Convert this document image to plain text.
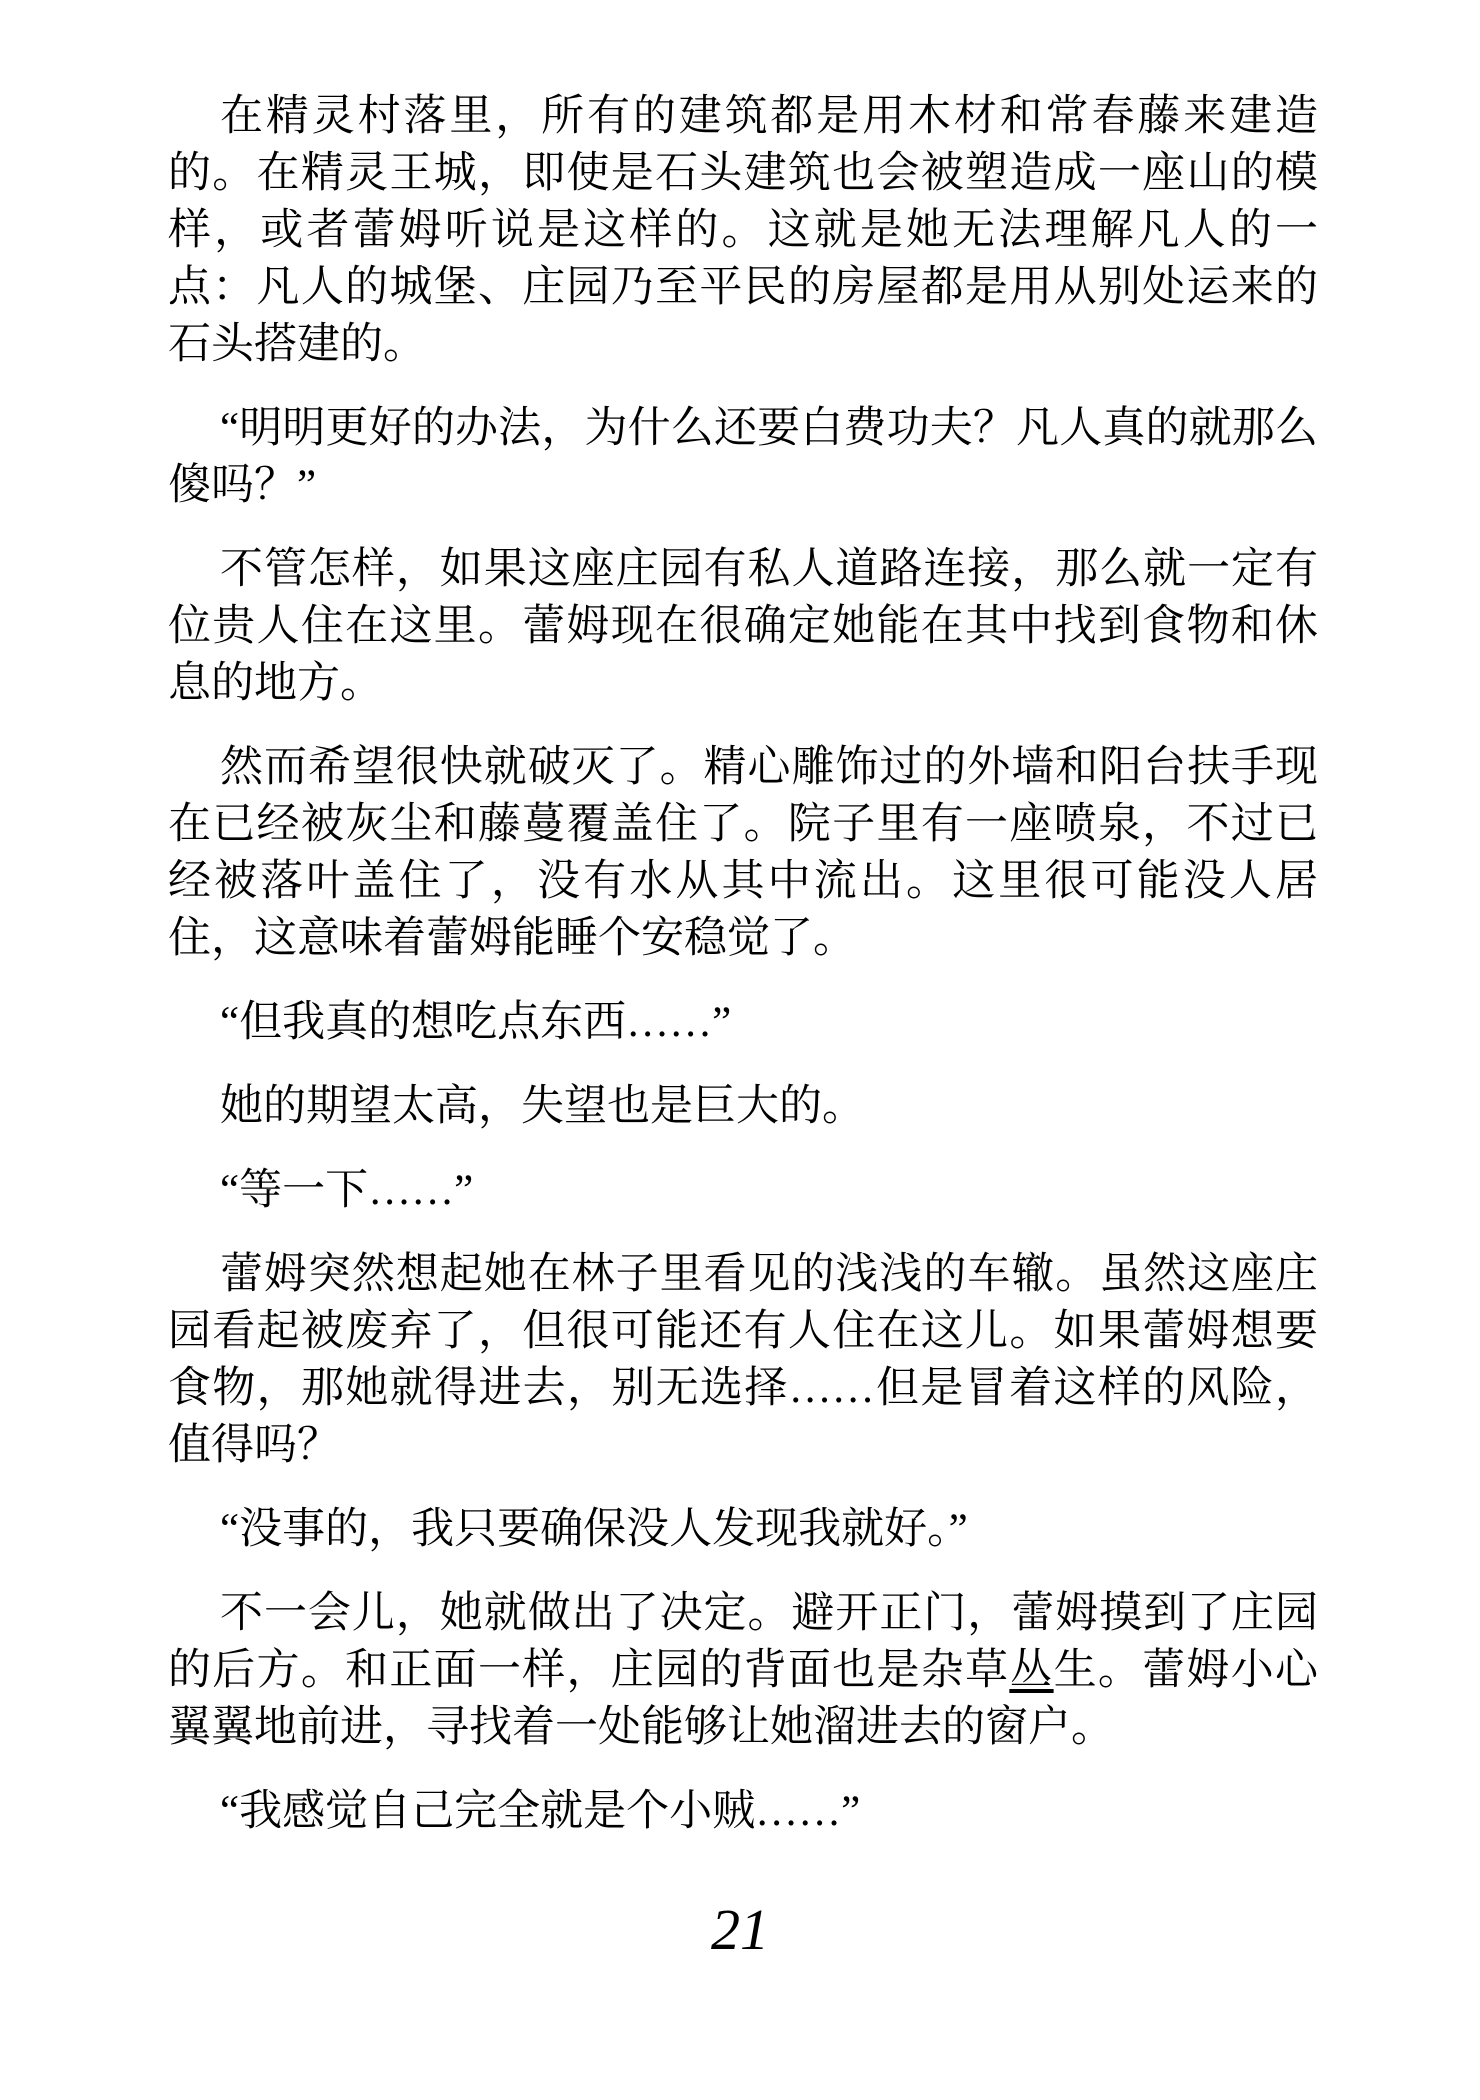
在精灵村落里，所有的建筑都是用木材和常春藤来建造的。在精灵王城，即使是石头建筑也会被塑造成一座山的模样，或者蕾姆听说是这样的。这就是她无法理解凡人的一点：凡人的城堡、庄园乃至平民的房屋都是用从别处运来的石头搭建的。

“明明更好的办法，为什么还要白费功夫？凡人真的就那么傻吗？”

不管怎样，如果这座庄园有私人道路连接，那么就一定有位贵人住在这里。蕾姆现在很确定她能在其中找到食物和休息的地方。

然而希望很快就破灭了。精心雕饰过的外墙和阳台扶手现在已经被灰尘和藤蔓覆盖住了。院子里有一座喷泉，不过已经被落叶盖住了，没有水从其中流出。这里很可能没人居住，这意味着蕾姆能睡个安稳觉了。

“但我真的想吃点东西……”

她的期望太高，失望也是巨大的。

“等一下……”

蕾姆突然想起她在林子里看见的浅浅的车辙。虽然这座庄园看起被废弃了，但很可能还有人住在这儿。如果蕾姆想要食物，那她就得进去，别无选择……但是冒着这样的风险，值得吗？

“没事的，我只要确保没人发现我就好。”

不一会儿，她就做出了决定。避开正门，蕾姆摸到了庄园的后方。和正面一样，庄园的背面也是杂草丛生。蕾姆小心翼翼地前进，寻找着一处能够让她溜进去的窗户。

“我感觉自己完全就是个小贼……”

21
